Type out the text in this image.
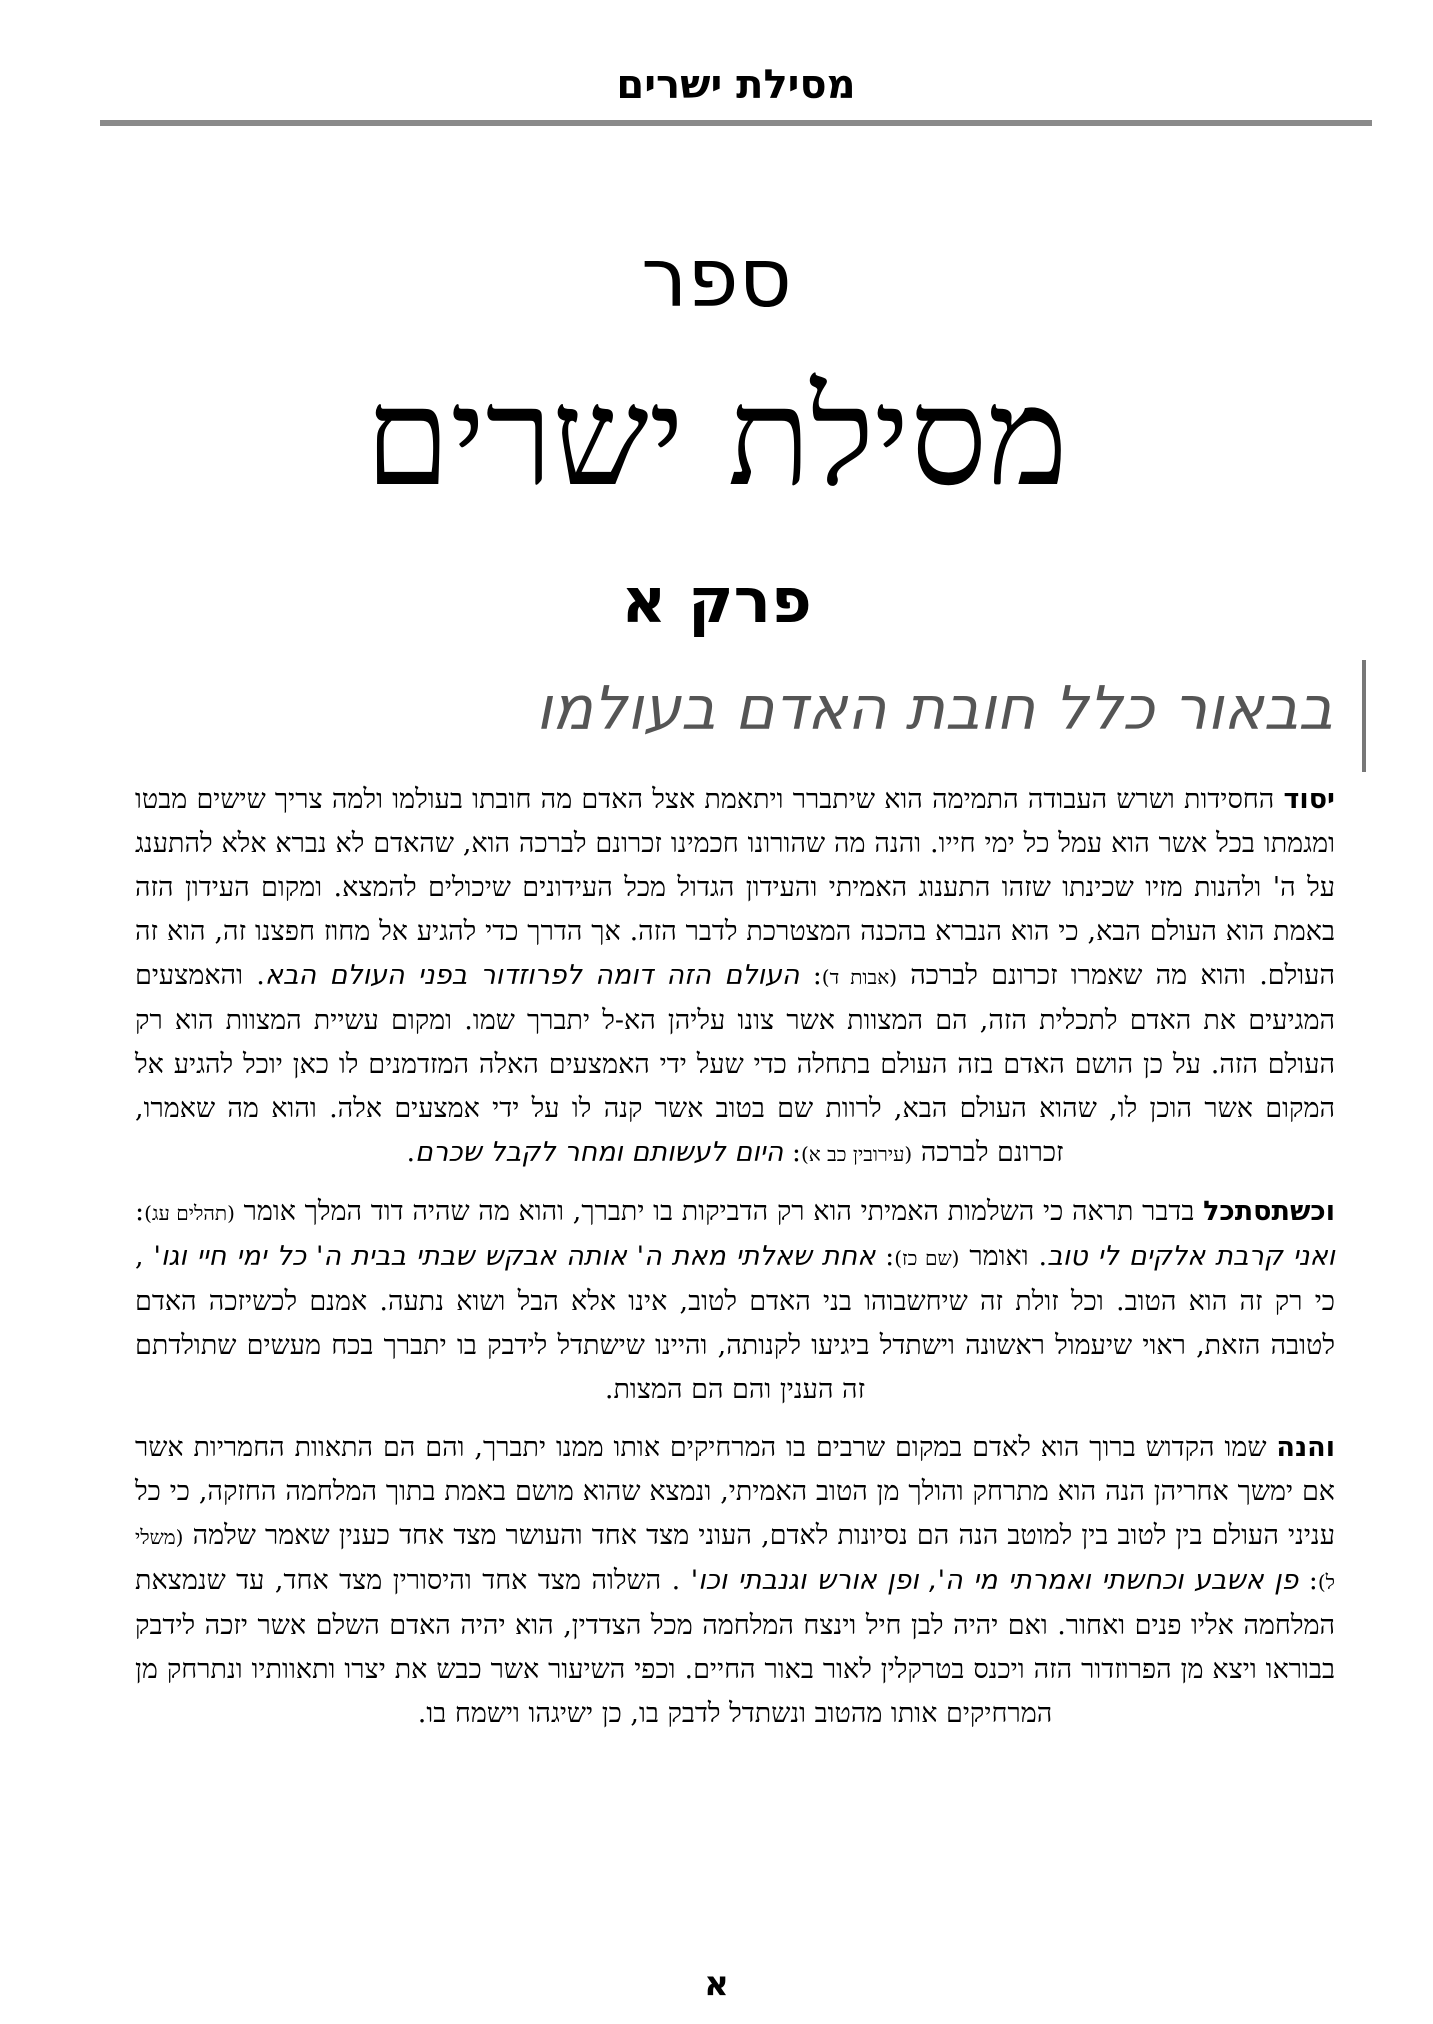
מסילת ישרים
ספר
מסילת ישרים
פרק א
בבאור כלל חובת האדם בעולמו

יסוד החסידות ושרש העבודה התמימה הוא שיתברר ויתאמת אצל האדם מה חובתו בעולמו ולמה צריך שישים מבטו ומגמתו בכל אשר הוא עמל כל ימי חייו. והנה מה שהורונו חכמינו זכרונם לברכה הוא, שהאדם לא נברא אלא להתענג על ה' ולהנות מזיו שכינתו שזהו התענוג האמיתי והעידון הגדול מכל העידונים שיכולים להמצא. ומקום העידון הזה באמת הוא העולם הבא, כי הוא הנברא בהכנה המצטרכת לדבר הזה. אך הדרך כדי להגיע אל מחוז חפצנו זה, הוא זה העולם. והוא מה שאמרו זכרונם לברכה (אבות ד): העולם הזה דומה לפרוזדור בפני העולם הבא. והאמצעים המגיעים את האדם לתכלית הזה, הם המצוות אשר צונו עליהן הא-ל יתברך שמו. ומקום עשיית המצוות הוא רק העולם הזה. על כן הושם האדם בזה העולם בתחלה כדי שעל ידי האמצעים האלה המזדמנים לו כאן יוכל להגיע אל המקום אשר הוכן לו, שהוא העולם הבא, לרוות שם בטוב אשר קנה לו על ידי אמצעים אלה. והוא מה שאמרו, זכרונם לברכה (עירובין כב א): היום לעשותם ומחר לקבל שכרם.

וכשתסתכל בדבר תראה כי השלמות האמיתי הוא רק הדביקות בו יתברך, והוא מה שהיה דוד המלך אומר (תהלים עג): ואני קרבת אלקים לי טוב. ואומר (שם כז): אחת שאלתי מאת ה' אותה אבקש שבתי בבית ה' כל ימי חיי וגו' , כי רק זה הוא הטוב. וכל זולת זה שיחשבוהו בני האדם לטוב, אינו אלא הבל ושוא נתעה. אמנם לכשיזכה האדם לטובה הזאת, ראוי שיעמול ראשונה וישתדל ביגיעו לקנותה, והיינו שישתדל לידבק בו יתברך בכח מעשים שתולדתם זה הענין והם הם המצות.

והנה שמו הקדוש ברוך הוא לאדם במקום שרבים בו המרחיקים אותו ממנו יתברך, והם הם התאוות החמריות אשר אם ימשך אחריהן הנה הוא מתרחק והולך מן הטוב האמיתי, ונמצא שהוא מושם באמת בתוך המלחמה החזקה, כי כל עניני העולם בין לטוב בין למוטב הנה הם נסיונות לאדם, העוני מצד אחד והעושר מצד אחד כענין שאמר שלמה (משלי ל): פן אשבע וכחשתי ואמרתי מי ה', ופן אורש וגנבתי וכו' . השלוה מצד אחד והיסורין מצד אחד, עד שנמצאת המלחמה אליו פנים ואחור. ואם יהיה לבן חיל וינצח המלחמה מכל הצדדין, הוא יהיה האדם השלם אשר יזכה לידבק בבוראו ויצא מן הפרוזדור הזה ויכנס בטרקלין לאור באור החיים. וכפי השיעור אשר כבש את יצרו ותאוותיו ונתרחק מן המרחיקים אותו מהטוב ונשתדל לדבק בו, כן ישיגהו וישמח בו.

א
